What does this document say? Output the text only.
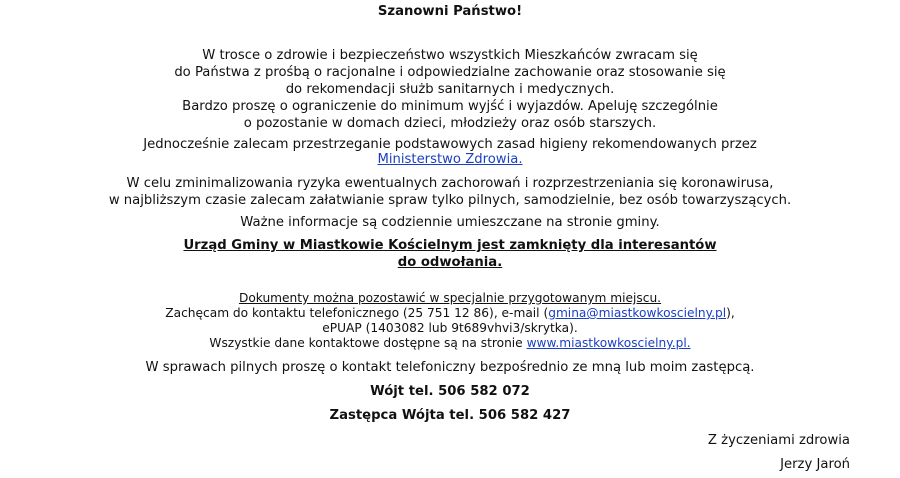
Szanowni Państwo!
W trosce o zdrowie i bezpieczeństwo wszystkich Mieszkańców zwracam się
do Państwa z prośbą o racjonalne i odpowiedzialne zachowanie oraz stosowanie się
do rekomendacji służb sanitarnych i medycznych.
Bardzo proszę o ograniczenie do minimum wyjść i wyjazdów. Apeluję szczególnie
o pozostanie w domach dzieci, młodzieży oraz osób starszych.
Jednocześnie zalecam przestrzeganie podstawowych zasad higieny rekomendowanych przez
Ministerstwo Zdrowia.
W celu zminimalizowania ryzyka ewentualnych zachorowań i rozprzestrzeniania się koronawirusa,
w najbliższym czasie zalecam załatwianie spraw tylko pilnych, samodzielnie, bez osób towarzyszących.
Ważne informacje są codziennie umieszczane na stronie gminy.
Urząd Gminy w Miastkowie Kościelnym jest zamknięty dla interesantów
do odwołania.
Dokumenty można pozostawić w specjalnie przygotowanym miejscu.
Zachęcam do kontaktu telefonicznego (25 751 12 86), e-mail (gmina@miastkowkoscielny.pl),
ePUAP (1403082 lub 9t689vhvi3/skrytka).
Wszystkie dane kontaktowe dostępne są na stronie www.miastkowkoscielny.pl.
W sprawach pilnych proszę o kontakt telefoniczny bezpośrednio ze mną lub moim zastępcą.
Wójt tel. 506 582 072
Zastępca Wójta tel. 506 582 427
Z życzeniami zdrowia
Jerzy Jaroń
